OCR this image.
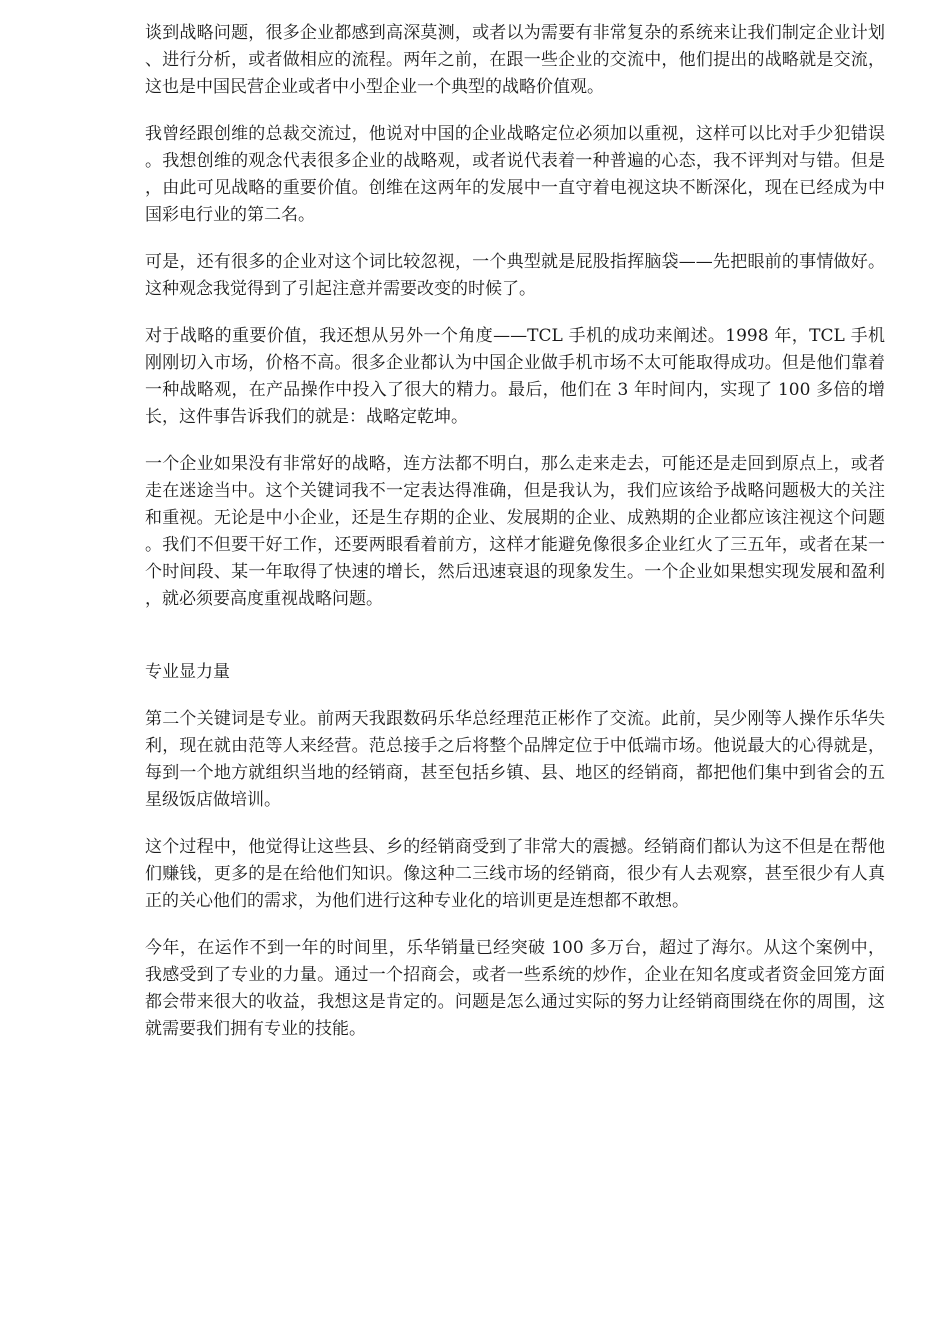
谈到战略问题，很多企业都感到高深莫测，或者以为需要有非常复杂的系统来让我们制定企业计划、进行分析，或者做相应的流程。两年之前，在跟一些企业的交流中，他们提出的战略就是交流，这也是中国民营企业或者中小型企业一个典型的战略价值观。

我曾经跟创维的总裁交流过，他说对中国的企业战略定位必须加以重视，这样可以比对手少犯错误。我想创维的观念代表很多企业的战略观，或者说代表着一种普遍的心态，我不评判对与错。但是，由此可见战略的重要价值。创维在这两年的发展中一直守着电视这块不断深化，现在已经成为中国彩电行业的第二名。

可是，还有很多的企业对这个词比较忽视，一个典型就是屁股指挥脑袋——先把眼前的事情做好。这种观念我觉得到了引起注意并需要改变的时候了。

对于战略的重要价值，我还想从另外一个角度——TCL 手机的成功来阐述。1998 年，TCL 手机刚刚切入市场，价格不高。很多企业都认为中国企业做手机市场不太可能取得成功。但是他们靠着一种战略观，在产品操作中投入了很大的精力。最后，他们在 3 年时间内，实现了 100 多倍的增长，这件事告诉我们的就是：战略定乾坤。

一个企业如果没有非常好的战略，连方法都不明白，那么走来走去，可能还是走回到原点上，或者走在迷途当中。这个关键词我不一定表达得准确，但是我认为，我们应该给予战略问题极大的关注和重视。无论是中小企业，还是生存期的企业、发展期的企业、成熟期的企业都应该注视这个问题。我们不但要干好工作，还要两眼看着前方，这样才能避免像很多企业红火了三五年，或者在某一个时间段、某一年取得了快速的增长，然后迅速衰退的现象发生。一个企业如果想实现发展和盈利，就必须要高度重视战略问题。

专业显力量

第二个关键词是专业。前两天我跟数码乐华总经理范正彬作了交流。此前，吴少刚等人操作乐华失利，现在就由范等人来经营。范总接手之后将整个品牌定位于中低端市场。他说最大的心得就是，每到一个地方就组织当地的经销商，甚至包括乡镇、县、地区的经销商，都把他们集中到省会的五星级饭店做培训。

这个过程中，他觉得让这些县、乡的经销商受到了非常大的震撼。经销商们都认为这不但是在帮他们赚钱，更多的是在给他们知识。像这种二三线市场的经销商，很少有人去观察，甚至很少有人真正的关心他们的需求，为他们进行这种专业化的培训更是连想都不敢想。

今年，在运作不到一年的时间里，乐华销量已经突破 100 多万台，超过了海尔。从这个案例中，我感受到了专业的力量。通过一个招商会，或者一些系统的炒作，企业在知名度或者资金回笼方面都会带来很大的收益，我想这是肯定的。问题是怎么通过实际的努力让经销商围绕在你的周围，这就需要我们拥有专业的技能。
